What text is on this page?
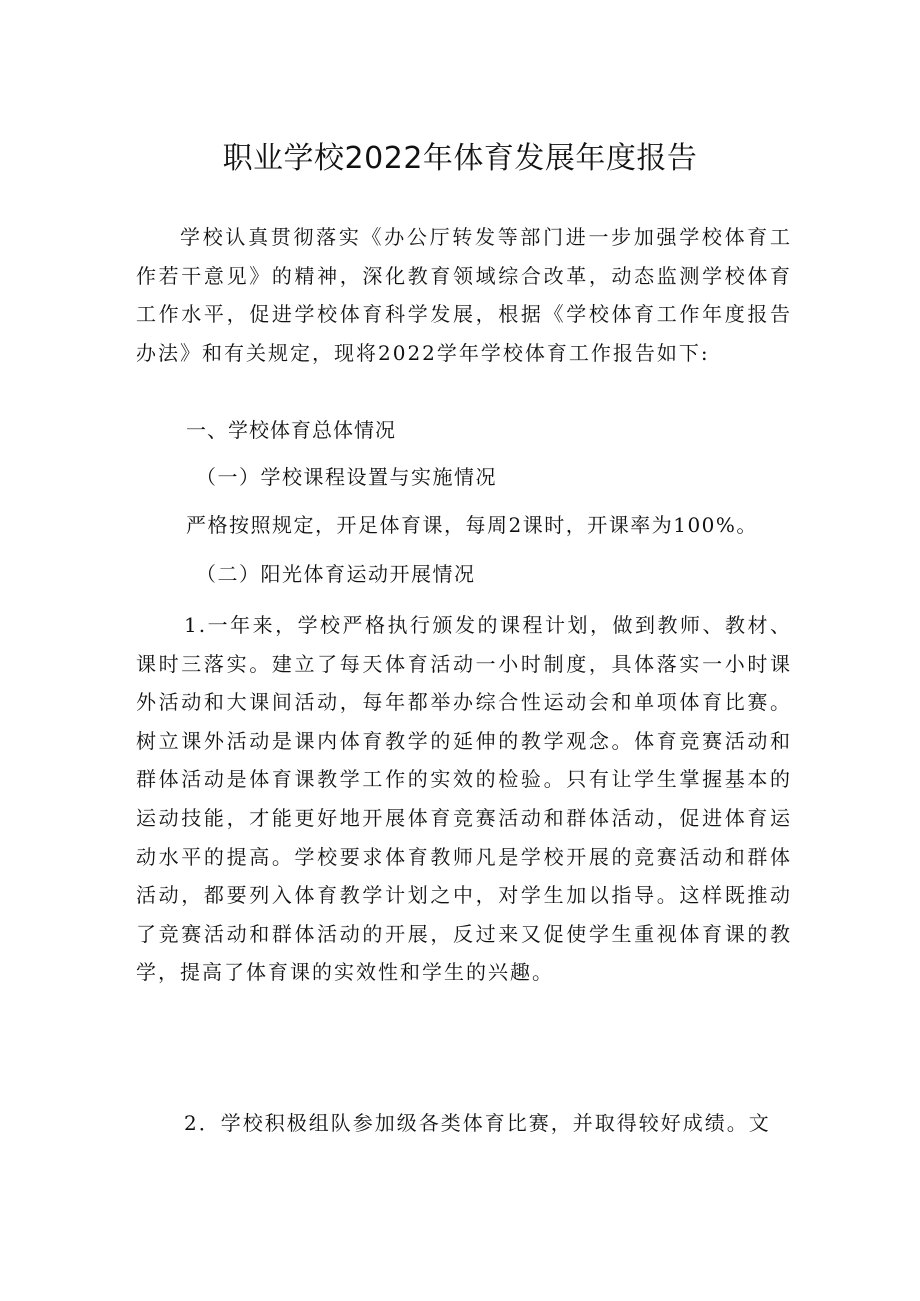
职业学校2022年体育发展年度报告

学校认真贯彻落实《办公厅转发等部门进一步加强学校体育工作若干意见》的精神，深化教育领域综合改革，动态监测学校体育工作水平，促进学校体育科学发展，根据《学校体育工作年度报告办法》和有关规定，现将2022学年学校体育工作报告如下:

一、学校体育总体情况
（一）学校课程设置与实施情况
严格按照规定，开足体育课，每周2课时，开课率为100%。
（二）阳光体育运动开展情况

1.一年来，学校严格执行颁发的课程计划，做到教师、教材、课时三落实。建立了每天体育活动一小时制度，具体落实一小时课外活动和大课间活动，每年都举办综合性运动会和单项体育比赛。树立课外活动是课内体育教学的延伸的教学观念。体育竞赛活动和群体活动是体育课教学工作的实效的检验。只有让学生掌握基本的运动技能，才能更好地开展体育竞赛活动和群体活动，促进体育运动水平的提高。学校要求体育教师凡是学校开展的竞赛活动和群体活动，都要列入体育教学计划之中，对学生加以指导。这样既推动了竞赛活动和群体活动的开展，反过来又促使学生重视体育课的教学，提高了体育课的实效性和学生的兴趣。

2．学校积极组队参加级各类体育比赛，并取得较好成绩。文
